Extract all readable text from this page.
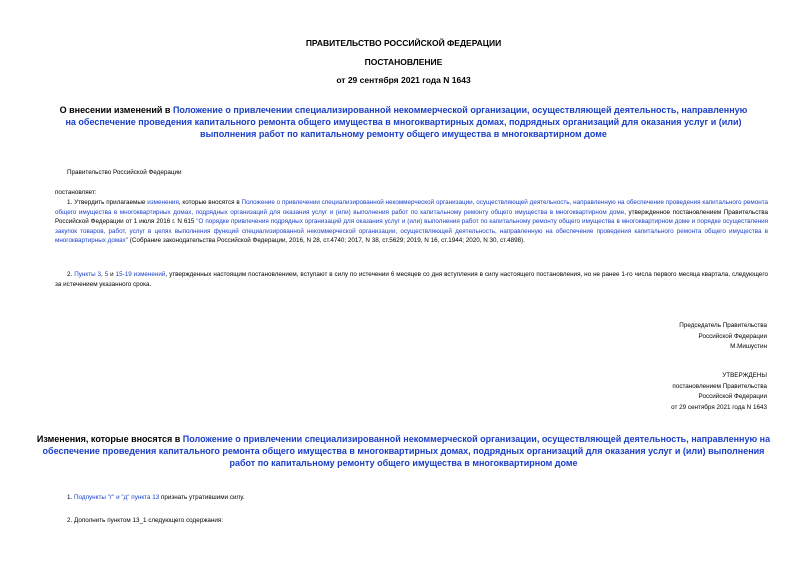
ПРАВИТЕЛЬСТВО РОССИЙСКОЙ ФЕДЕРАЦИИ
ПОСТАНОВЛЕНИЕ
от 29 сентября 2021 года N 1643
О внесении изменений в Положение о привлечении специализированной некоммерческой организации, осуществляющей деятельность, направленную на обеспечение проведения капитального ремонта общего имущества в многоквартирных домах, подрядных организаций для оказания услуг и (или) выполнения работ по капитальному ремонту общего имущества в многоквартирном доме
Правительство Российской Федерации
постановляет:
1. Утвердить прилагаемые изменения, которые вносятся в Положение о привлечении специализированной некоммерческой организации, осуществляющей деятельность, направленную на обеспечение проведения капитального ремонта общего имущества в многоквартирных домах, подрядных организаций для оказания услуг и (или) выполнения работ по капитальному ремонту общего имущества в многоквартирном доме, утвержденное постановлением Правительства Российской Федерации от 1 июля 2016 г. N 615 "О порядке привлечения подрядных организаций для оказания услуг и (или) выполнения работ по капитальному ремонту общего имущества в многоквартирном доме и порядке осуществления закупок товаров, работ, услуг в целях выполнения функций специализированной некоммерческой организации, осуществляющей деятельность, направленную на обеспечение проведения капитального ремонта общего имущества в многоквартирных домах" (Собрание законодательства Российской Федерации, 2016, N 28, ст.4740; 2017, N 38, ст.5629; 2019, N 16, ст.1944; 2020, N 30, ст.4898).
2. Пункты 3, 5 и 15-19 изменений, утвержденных настоящим постановлением, вступают в силу по истечении 6 месяцев со дня вступления в силу настоящего постановления, но не ранее 1-го числа первого месяца квартала, следующего за истечением указанного срока.
Председатель Правительства
Российской Федерации
М.Мишустин
УТВЕРЖДЕНЫ
постановлением Правительства
Российской Федерации
от 29 сентября 2021 года N 1643
Изменения, которые вносятся в Положение о привлечении специализированной некоммерческой организации, осуществляющей деятельность, направленную на обеспечение проведения капитального ремонта общего имущества в многоквартирных домах, подрядных организаций для оказания услуг и (или) выполнения работ по капитальному ремонту общего имущества в многоквартирном доме
1. Подпункты "г" и "д" пункта 13 признать утратившими силу.
2. Дополнить пунктом 13_1 следующего содержания:
